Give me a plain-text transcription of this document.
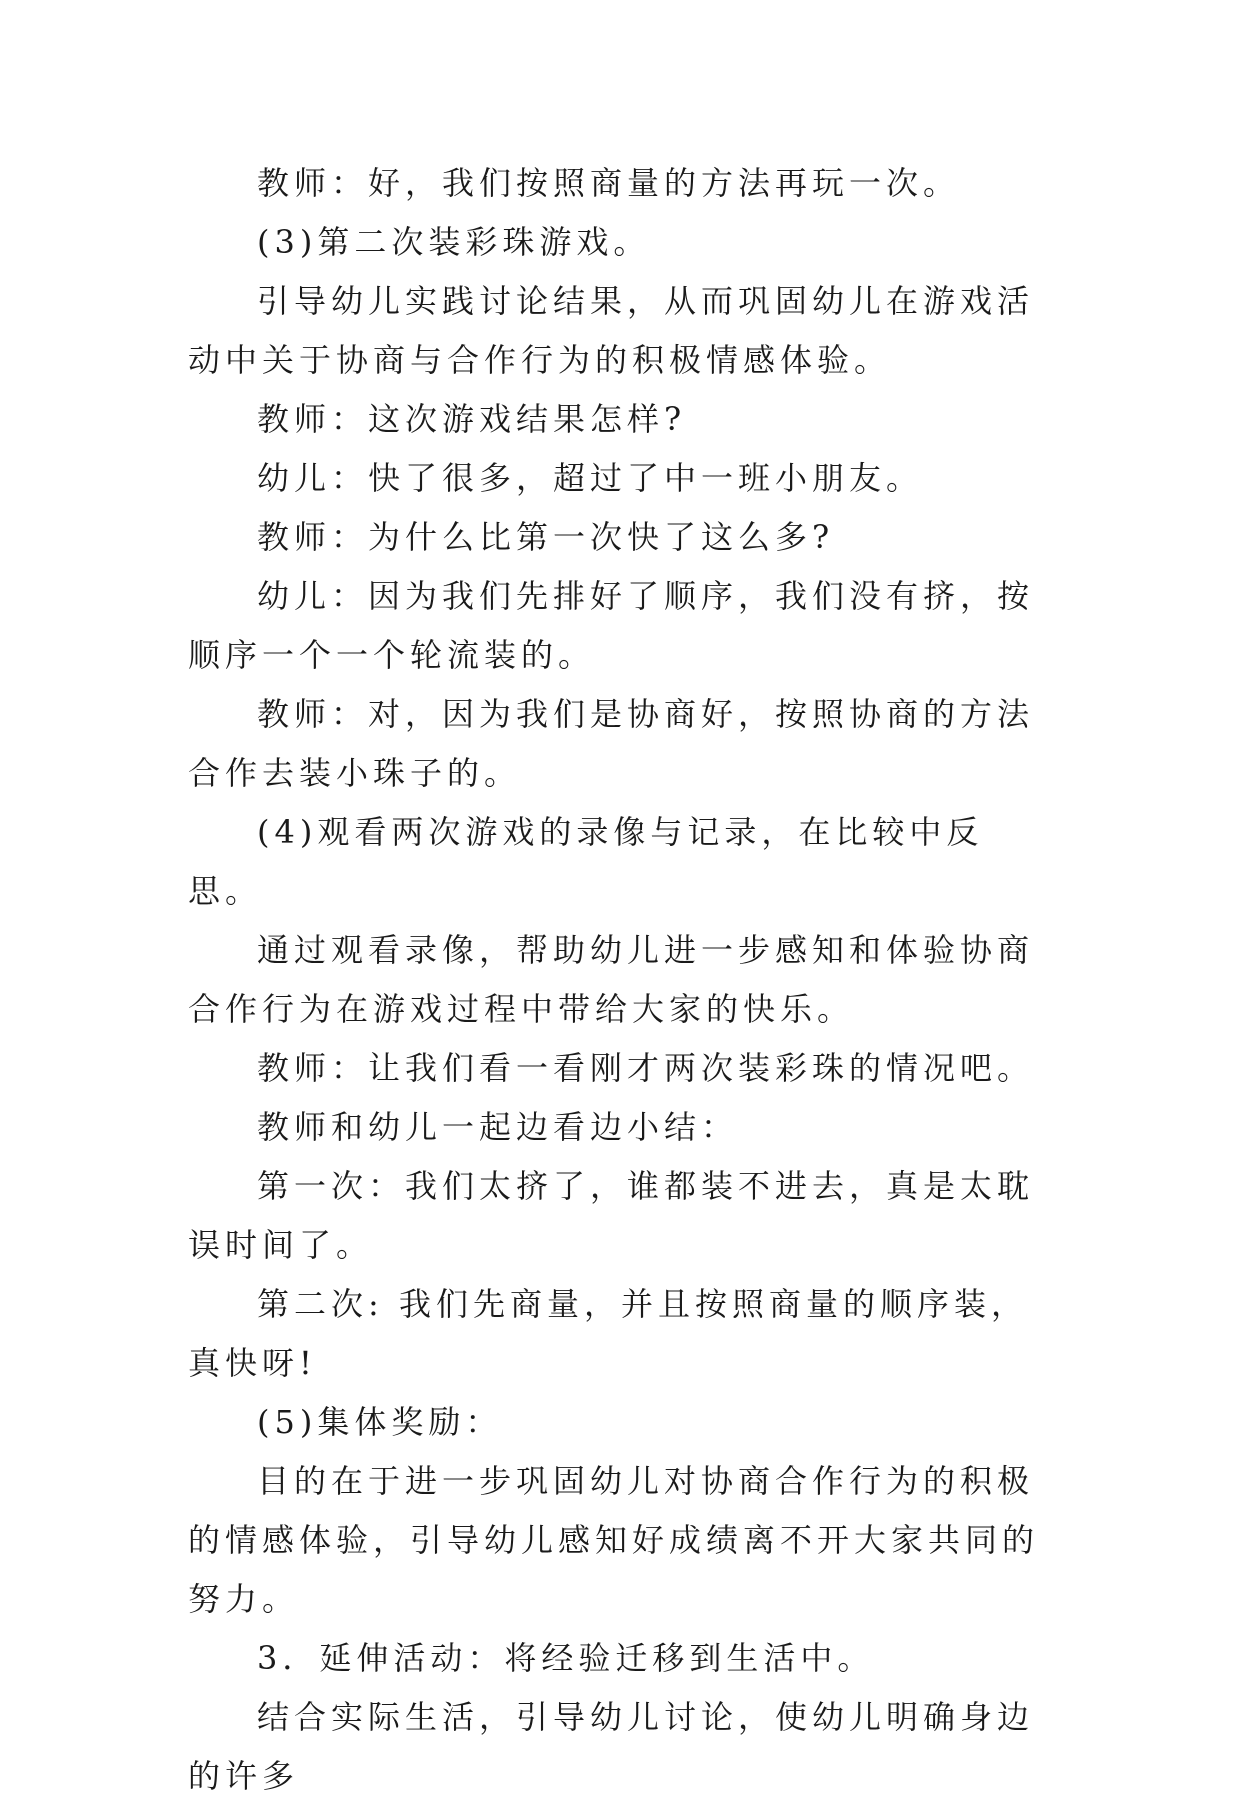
教师：好，我们按照商量的方法再玩一次。

(3)第二次装彩珠游戏。

引导幼儿实践讨论结果，从而巩固幼儿在游戏活动中关于协商与合作行为的积极情感体验。

教师：这次游戏结果怎样?

幼儿：快了很多，超过了中一班小朋友。

教师：为什么比第一次快了这么多?

幼儿：因为我们先排好了顺序，我们没有挤，按顺序一个一个轮流装的。

教师：对，因为我们是协商好，按照协商的方法合作去装小珠子的。

(4)观看两次游戏的录像与记录，在比较中反思。

通过观看录像，帮助幼儿进一步感知和体验协商合作行为在游戏过程中带给大家的快乐。

教师：让我们看一看刚才两次装彩珠的情况吧。

教师和幼儿一起边看边小结：

第一次：我们太挤了，谁都装不进去，真是太耽误时间了。

第二次: 我们先商量，并且按照商量的顺序装，真快呀!

(5)集体奖励：

目的在于进一步巩固幼儿对协商合作行为的积极的情感体验，引导幼儿感知好成绩离不开大家共同的努力。

3．延伸活动：将经验迁移到生活中。

结合实际生活，引导幼儿讨论，使幼儿明确身边的许多
